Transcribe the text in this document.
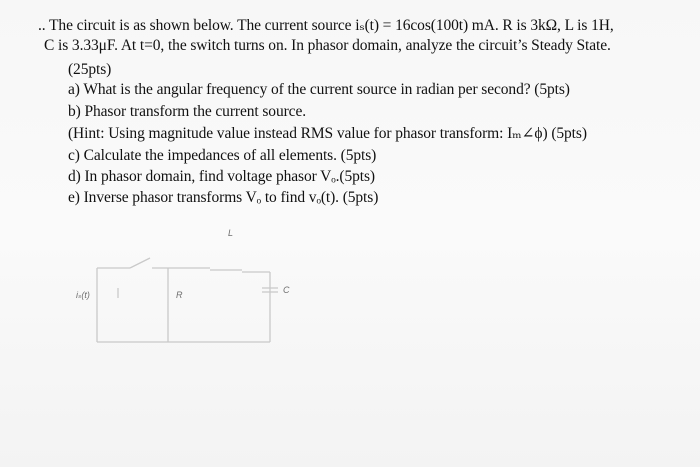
.. The circuit is as shown below. The current source iₛ(t) = 16cos(100t) mA. R is 3kΩ, L is 1H,
C is 3.33μF. At t=0, the switch turns on. In phasor domain, analyze the circuit’s Steady State.
(25pts)
a) What is the angular frequency of the current source in radian per second? (5pts)
b) Phasor transform the current source.
(Hint: Using magnitude value instead RMS value for phasor transform: Iₘ∠ϕ) (5pts)
c) Calculate the impedances of all elements. (5pts)
d) In phasor domain, find voltage phasor Vₒ.(5pts)
e) Inverse phasor transforms Vₒ to find vₒ(t). (5pts)
L
iₛ(t)	R	C
